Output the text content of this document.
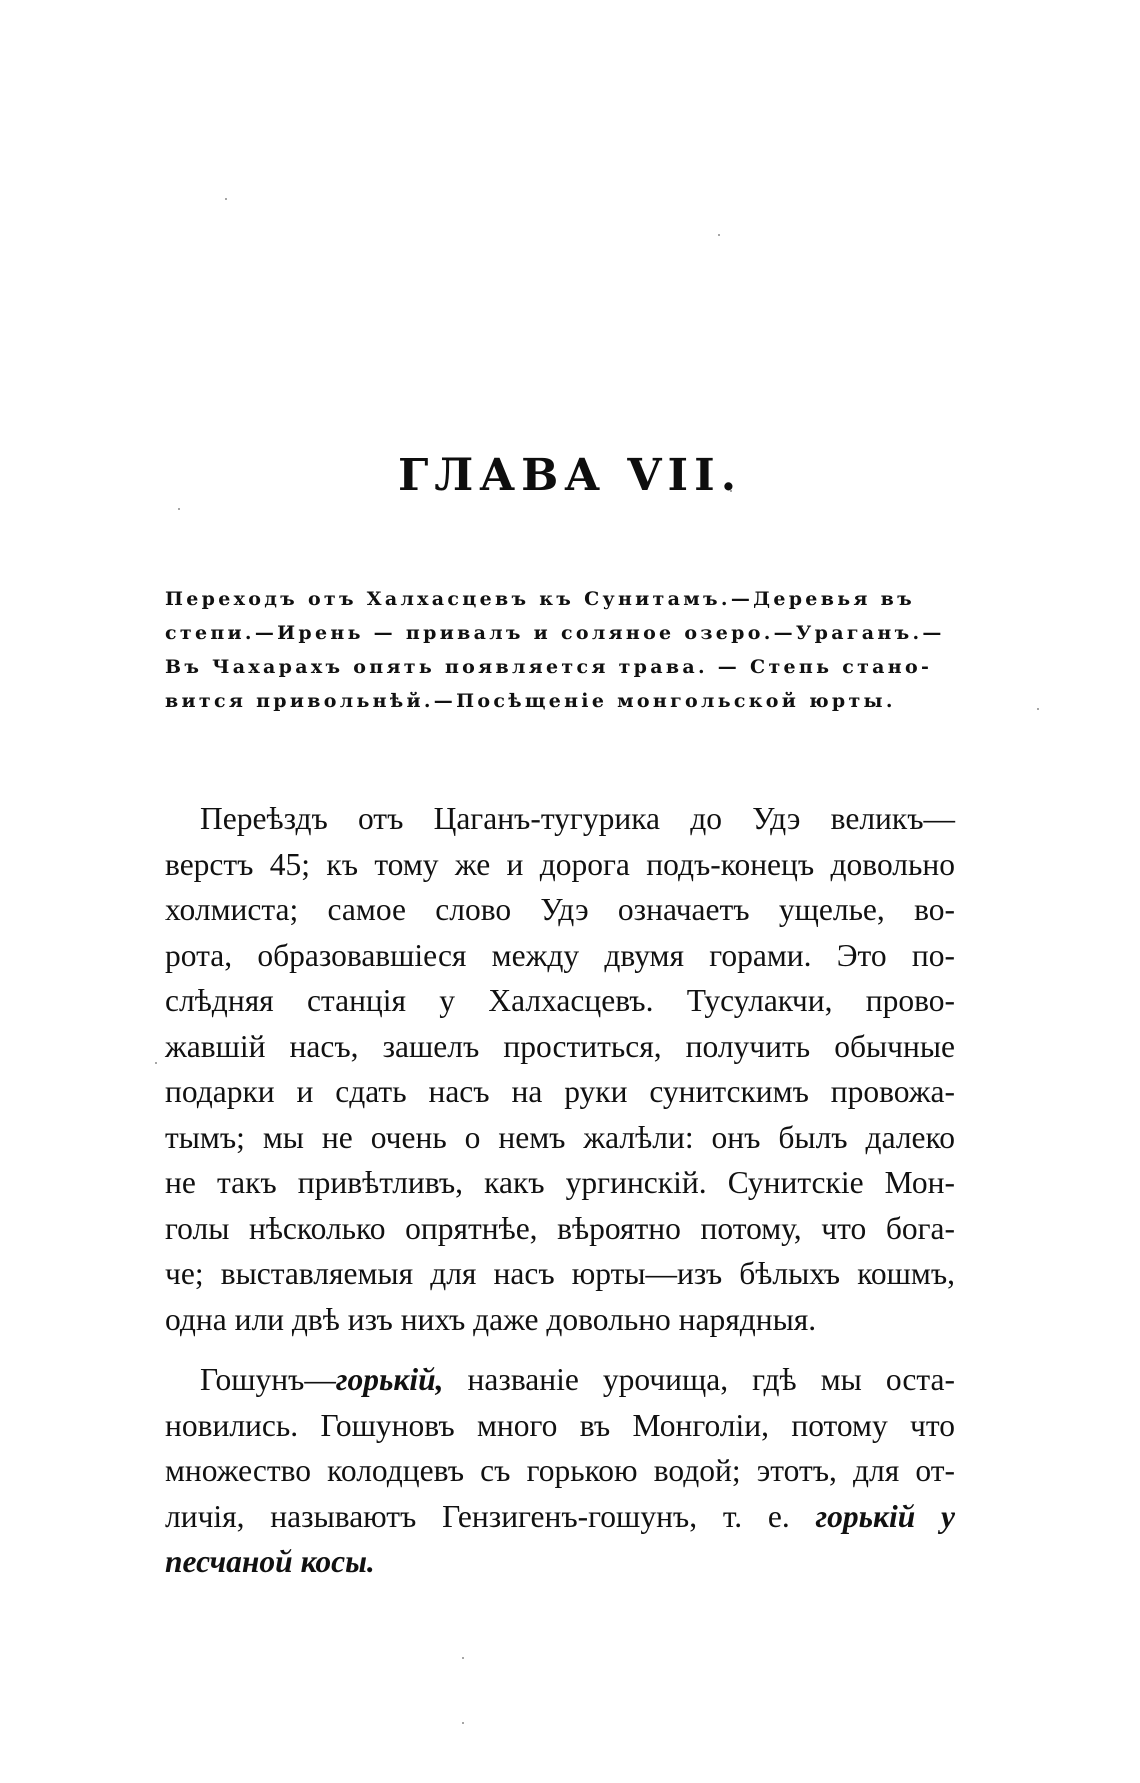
ГЛАВА VII.
Переходъ отъ Халхасцевъ къ Сунитамъ.—Деревья въ
степи.—Ирень — привалъ и соляное озеро.—Ураганъ.—
Въ Чахарахъ опять появляется трава. — Степь стано-
вится привольнѣй.—Посѣщеніе монгольской юрты.
Переѣздъ отъ Цаганъ-тугурика до Удэ великъ—
верстъ 45; къ тому же и дорога подъ-конецъ довольно
холмиста; самое слово Удэ означаетъ ущелье, во-
рота, образовавшіеся между двумя горами. Это по-
слѣдняя станція у Халхасцевъ. Тусулакчи, прово-
жавшій насъ, зашелъ проститься, получить обычные
подарки и сдать насъ на руки сунитскимъ провожа-
тымъ; мы не очень о немъ жалѣли: онъ былъ далеко
не такъ привѣтливъ, какъ ургинскій. Сунитскіе Мон-
голы нѣсколько опрятнѣе, вѣроятно потому, что бога-
че; выставляемыя для насъ юрты—изъ бѣлыхъ кошмъ,
одна или двѣ изъ нихъ даже довольно нарядныя.
Гошунъ—горькій, названіе урочища, гдѣ мы оста-
новились. Гошуновъ много въ Монголіи, потому что
множество колодцевъ съ горькою водой; этотъ, для от-
личія, называютъ Гензигенъ-гошунъ, т. е. горькій у
песчаной косы.
